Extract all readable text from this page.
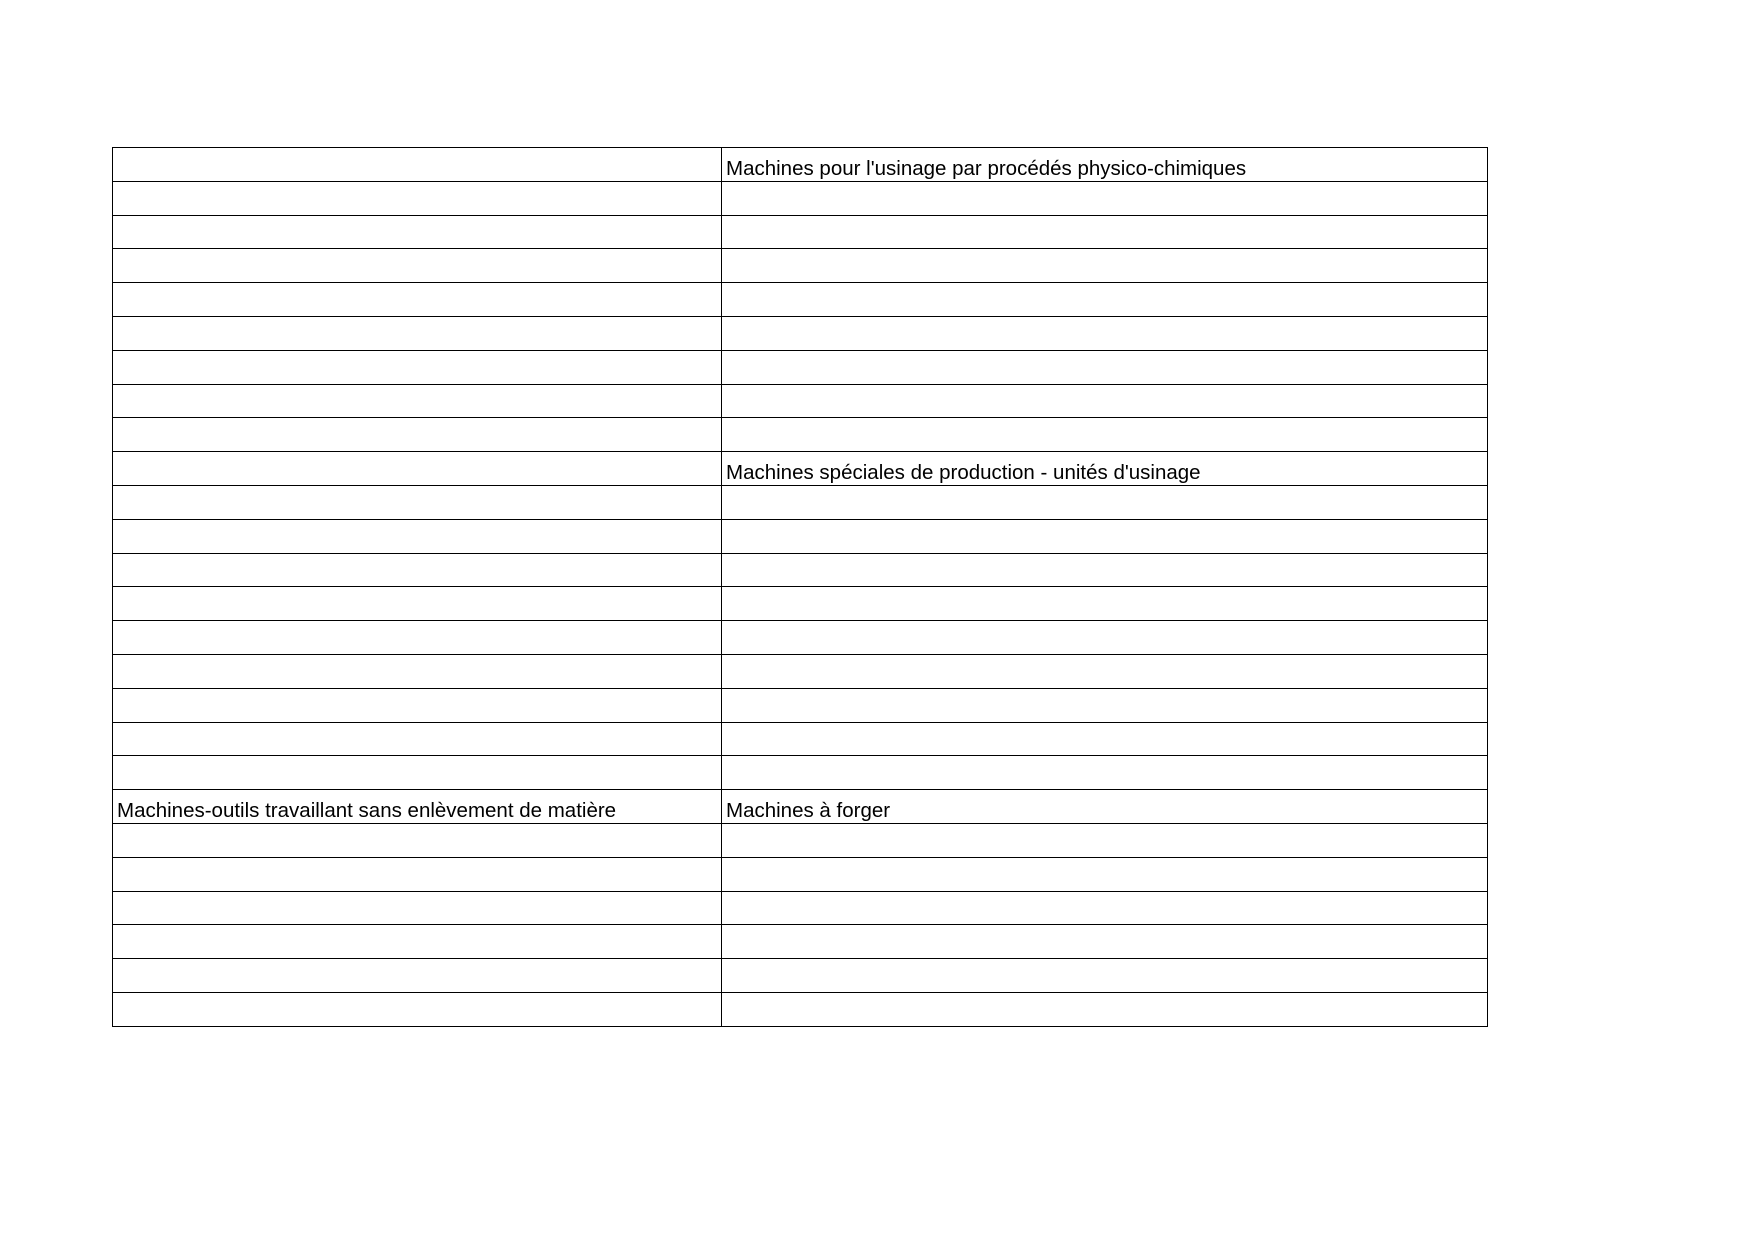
	Machines pour l'usinage par procédés physico-chimiques

	Machines spéciales de production - unités d'usinage

Machines-outils travaillant sans enlèvement de matière	Machines à forger
